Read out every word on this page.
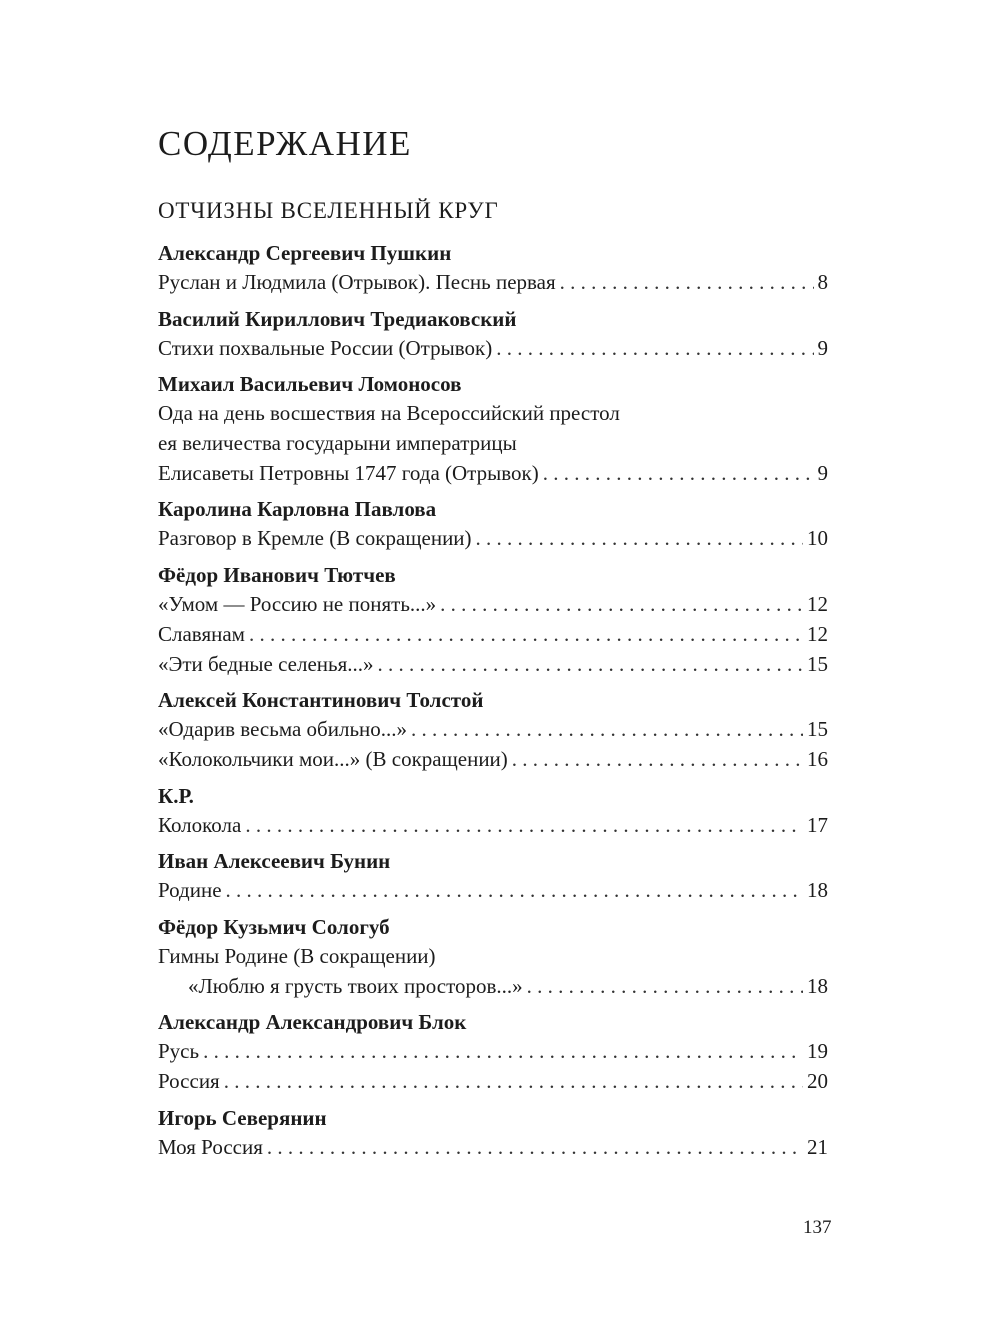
СОДЕРЖАНИЕ
ОТЧИЗНЫ ВСЕЛЕННЫЙ КРУГ
Александр Сергеевич Пушкин
Руслан и Людмила (Отрывок). Песнь первая . . .	8
Василий Кириллович Тредиаковский
Стихи похвальные России (Отрывок) . . .	9
Михаил Васильевич Ломоносов
Ода на день восшествия на Всероссийский престол
ея величества государыни императрицы
Елисаветы Петровны 1747 года (Отрывок) . . .	9
Каролина Карловна Павлова
Разговор в Кремле (В сокращении) . . .	10
Фёдор Иванович Тютчев
«Умом — Россию не понять...» . . .	12
Славянам . . .	12
«Эти бедные селенья...» . . .	15
Алексей Константинович Толстой
«Одарив весьма обильно...» . . .	15
«Колокольчики мои...» (В сокращении) . . .	16
К.Р.
Колокола . . .	17
Иван Алексеевич Бунин
Родине . . .	18
Фёдор Кузьмич Сологуб
Гимны Родине (В сокращении)
«Люблю я грусть твоих просторов...» . . .	18
Александр Александрович Блок
Русь . . .	19
Россия . . .	20
Игорь Северянин
Моя Россия . . .	21
137
